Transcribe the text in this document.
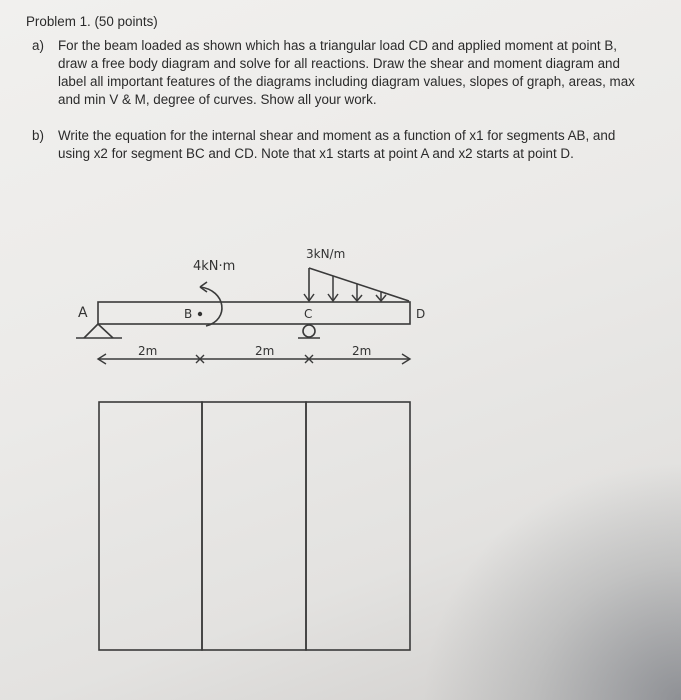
Problem 1. (50 points)
a)	For the beam loaded as shown which has a triangular load CD and applied moment at point B, draw a free body diagram and solve for all reactions. Draw the shear and moment diagram and label all important features of the diagrams including diagram values, slopes of graph, areas, max and min V & M, degree of curves. Show all your work.
b)	Write the equation for the internal shear and moment as a function of x1 for segments AB, and using x2 for segment BC and CD. Note that x1 starts at point A and x2 starts at point D.
4kN·m
3kN/m
A	B	C	D
2m	2m	2m
